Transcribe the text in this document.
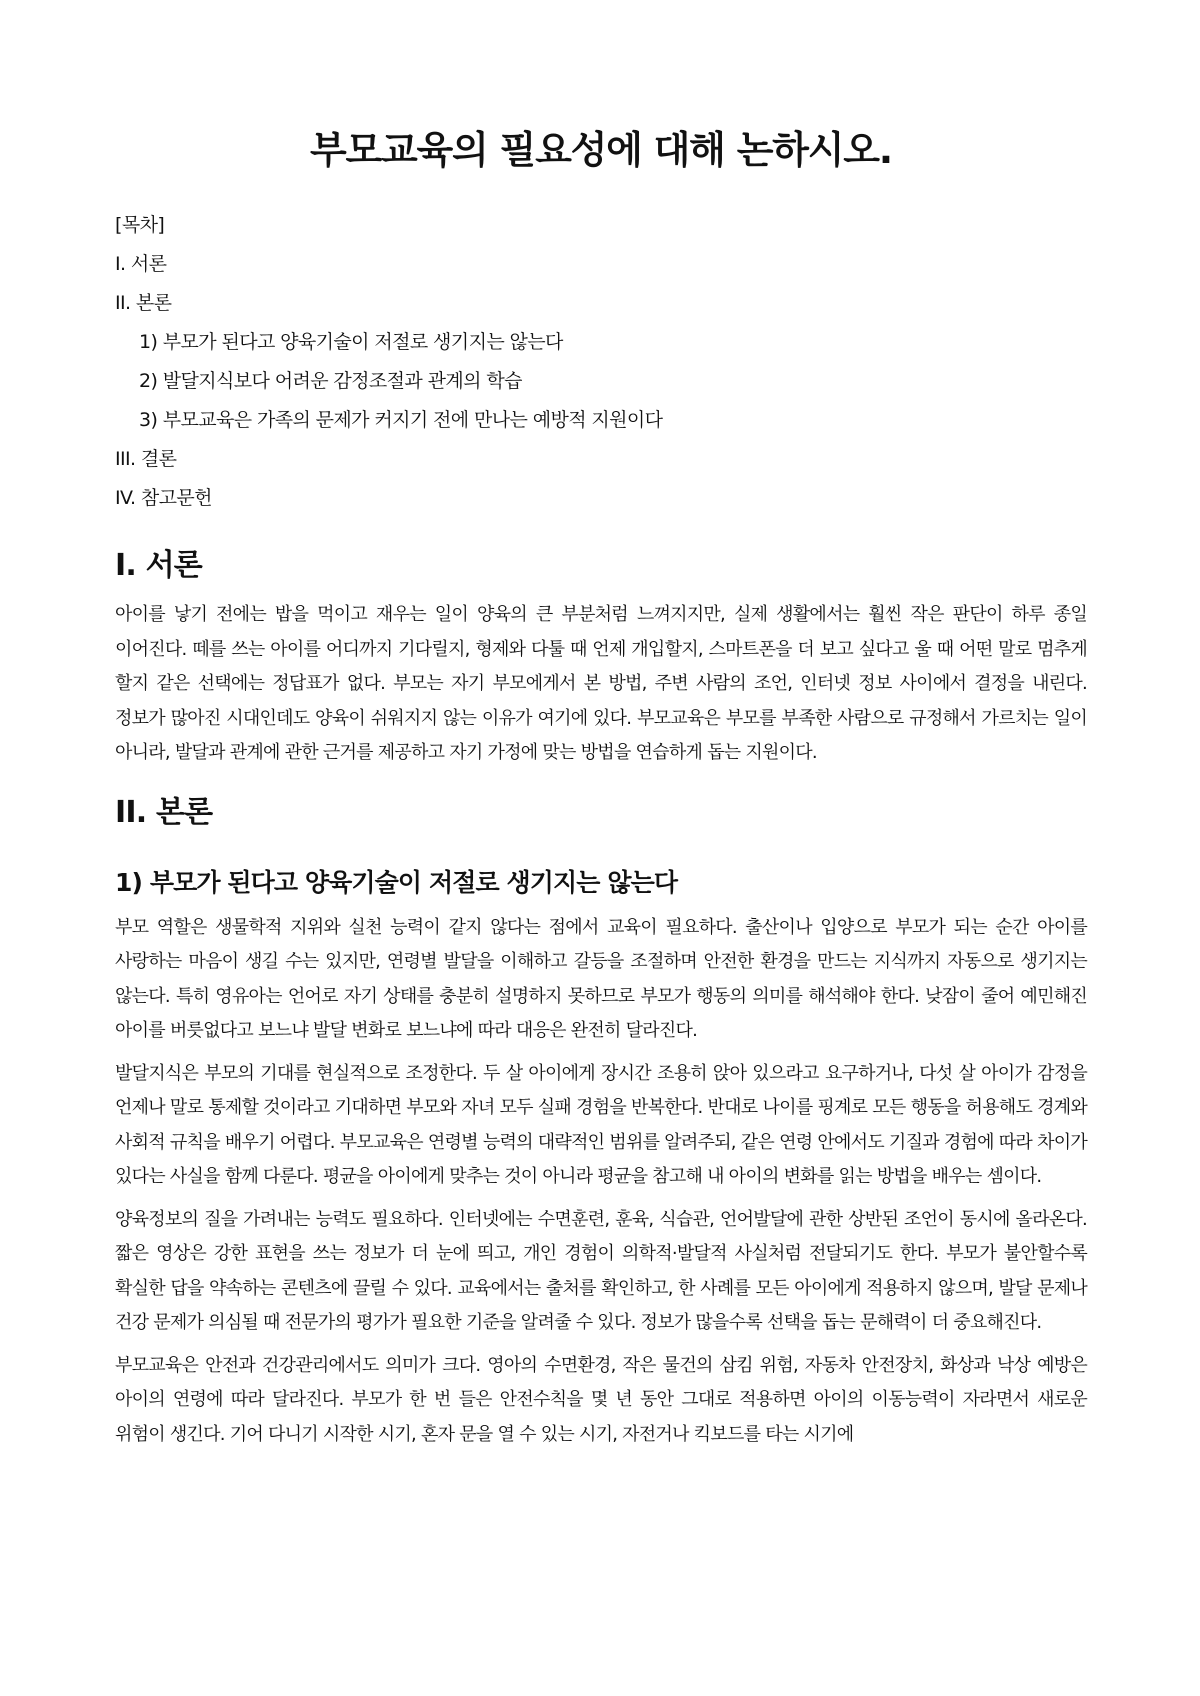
부모교육의 필요성에 대해 논하시오.
[목차]
I. 서론
II. 본론
1) 부모가 된다고 양육기술이 저절로 생기지는 않는다
2) 발달지식보다 어려운 감정조절과 관계의 학습
3) 부모교육은 가족의 문제가 커지기 전에 만나는 예방적 지원이다
III. 결론
IV. 참고문헌
I. 서론

아이를 낳기 전에는 밥을 먹이고 재우는 일이 양육의 큰 부분처럼 느껴지지만, 실제 생활에서는 훨씬 작은 판단이 하루 종일 이어진다. 떼를 쓰는 아이를 어디까지 기다릴지, 형제와 다툴 때 언제 개입할지, 스마트폰을 더 보고 싶다고 울 때 어떤 말로 멈추게 할지 같은 선택에는 정답표가 없다. 부모는 자기 부모에게서 본 방법, 주변 사람의 조언, 인터넷 정보 사이에서 결정을 내린다. 정보가 많아진 시대인데도 양육이 쉬워지지 않는 이유가 여기에 있다. 부모교육은 부모를 부족한 사람으로 규정해서 가르치는 일이 아니라, 발달과 관계에 관한 근거를 제공하고 자기 가정에 맞는 방법을 연습하게 돕는 지원이다.

II. 본론
1) 부모가 된다고 양육기술이 저절로 생기지는 않는다

부모 역할은 생물학적 지위와 실천 능력이 같지 않다는 점에서 교육이 필요하다. 출산이나 입양으로 부모가 되는 순간 아이를 사랑하는 마음이 생길 수는 있지만, 연령별 발달을 이해하고 갈등을 조절하며 안전한 환경을 만드는 지식까지 자동으로 생기지는 않는다. 특히 영유아는 언어로 자기 상태를 충분히 설명하지 못하므로 부모가 행동의 의미를 해석해야 한다. 낮잠이 줄어 예민해진 아이를 버릇없다고 보느냐 발달 변화로 보느냐에 따라 대응은 완전히 달라진다.

발달지식은 부모의 기대를 현실적으로 조정한다. 두 살 아이에게 장시간 조용히 앉아 있으라고 요구하거나, 다섯 살 아이가 감정을 언제나 말로 통제할 것이라고 기대하면 부모와 자녀 모두 실패 경험을 반복한다. 반대로 나이를 핑계로 모든 행동을 허용해도 경계와 사회적 규칙을 배우기 어렵다. 부모교육은 연령별 능력의 대략적인 범위를 알려주되, 같은 연령 안에서도 기질과 경험에 따라 차이가 있다는 사실을 함께 다룬다. 평균을 아이에게 맞추는 것이 아니라 평균을 참고해 내 아이의 변화를 읽는 방법을 배우는 셈이다.

양육정보의 질을 가려내는 능력도 필요하다. 인터넷에는 수면훈련, 훈육, 식습관, 언어발달에 관한 상반된 조언이 동시에 올라온다. 짧은 영상은 강한 표현을 쓰는 정보가 더 눈에 띄고, 개인 경험이 의학적·발달적 사실처럼 전달되기도 한다. 부모가 불안할수록 확실한 답을 약속하는 콘텐츠에 끌릴 수 있다. 교육에서는 출처를 확인하고, 한 사례를 모든 아이에게 적용하지 않으며, 발달 문제나 건강 문제가 의심될 때 전문가의 평가가 필요한 기준을 알려줄 수 있다. 정보가 많을수록 선택을 돕는 문해력이 더 중요해진다.

부모교육은 안전과 건강관리에서도 의미가 크다. 영아의 수면환경, 작은 물건의 삼킴 위험, 자동차 안전장치, 화상과 낙상 예방은 아이의 연령에 따라 달라진다. 부모가 한 번 들은 안전수칙을 몇 년 동안 그대로 적용하면 아이의 이동능력이 자라면서 새로운 위험이 생긴다. 기어 다니기 시작한 시기, 혼자 문을 열 수 있는 시기, 자전거나 킥보드를 타는 시기에
